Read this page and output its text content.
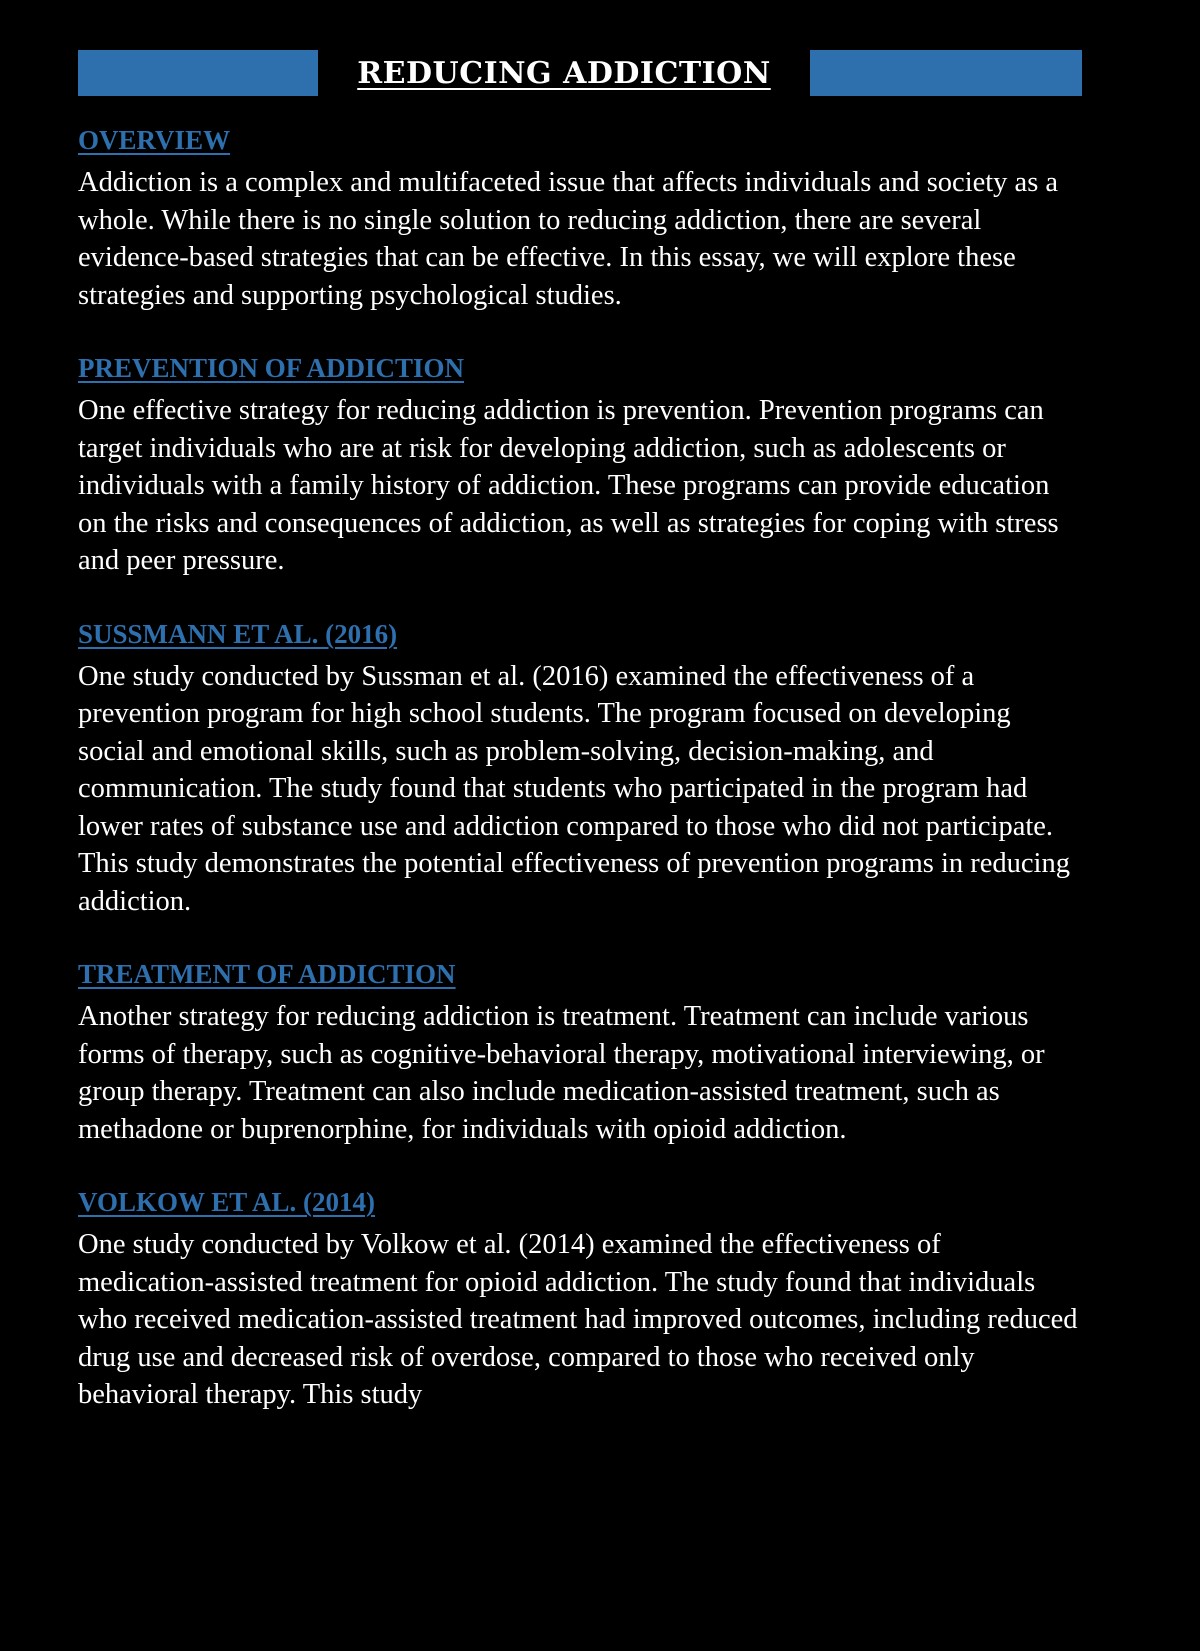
REDUCING ADDICTION
OVERVIEW

Addiction is a complex and multifaceted issue that affects individuals and society as a whole. While there is no single solution to reducing addiction, there are several evidence-based strategies that can be effective. In this essay, we will explore these strategies and supporting psychological studies.

PREVENTION OF ADDICTION

One effective strategy for reducing addiction is prevention. Prevention programs can target individuals who are at risk for developing addiction, such as adolescents or individuals with a family history of addiction. These programs can provide education on the risks and consequences of addiction, as well as strategies for coping with stress and peer pressure.

SUSSMANN ET AL. (2016)

One study conducted by Sussman et al. (2016) examined the effectiveness of a prevention program for high school students. The program focused on developing social and emotional skills, such as problem-solving, decision-making, and communication. The study found that students who participated in the program had lower rates of substance use and addiction compared to those who did not participate. This study demonstrates the potential effectiveness of prevention programs in reducing addiction.

TREATMENT OF ADDICTION

Another strategy for reducing addiction is treatment. Treatment can include various forms of therapy, such as cognitive-behavioral therapy, motivational interviewing, or group therapy. Treatment can also include medication-assisted treatment, such as methadone or buprenorphine, for individuals with opioid addiction.

VOLKOW ET AL. (2014)

One study conducted by Volkow et al. (2014) examined the effectiveness of medication-assisted treatment for opioid addiction. The study found that individuals who received medication-assisted treatment had improved outcomes, including reduced drug use and decreased risk of overdose, compared to those who received only behavioral therapy. This study
